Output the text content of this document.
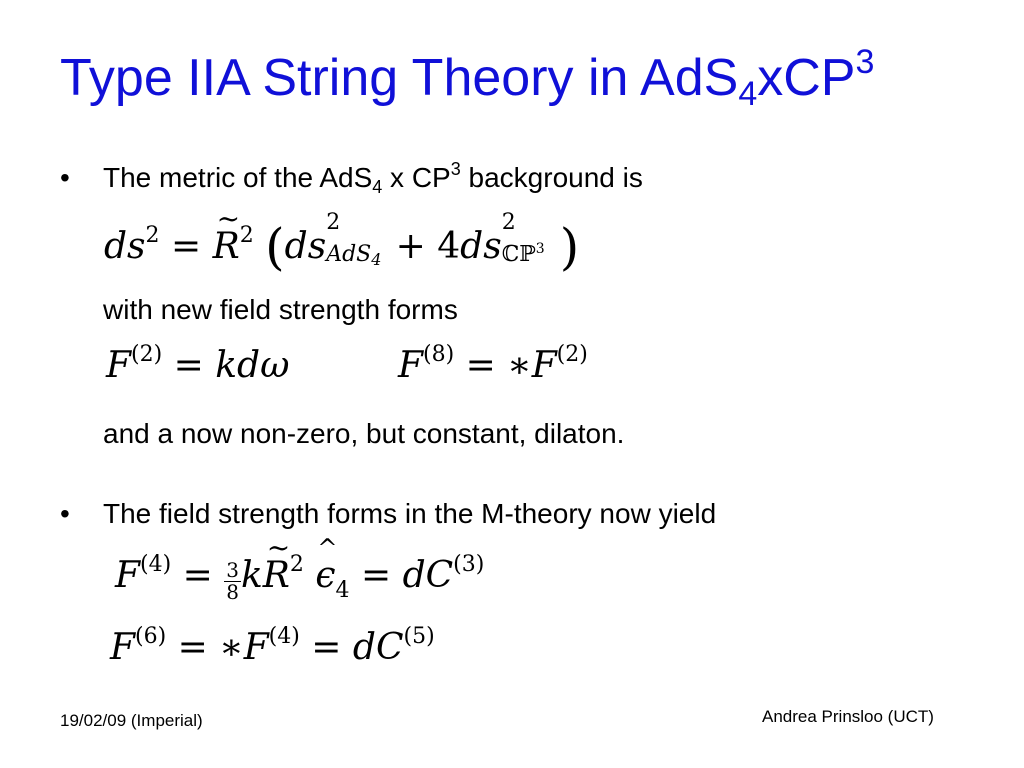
Type IIA String Theory in AdS$_4$xCP$^3$
• The metric of the AdS$_4$ x $CP^3$ background is
$ds^2$ = ~ $R^2$ (ds
2
AdS$_4$ + 4ds
2
ℂℙ$^3$ )
with new field strength forms
$F^{(2)} = kd\omega$	$F^{(8)}$ = $∗F^{(2)}$
and a now non-zero, but constant, dilaton.
• The field strength forms in the M-theory now yield
$F^{(4)} = \frac{3}{8}$ k~ $R^2$ ^ $\epsilon_4 = dC^{(3)}$
$F^{(6)}$ = $∗F^{(4)} = dC^{(5)}$
19/02/09 (Imperial)	Andrea Prinsloo (UCT)
